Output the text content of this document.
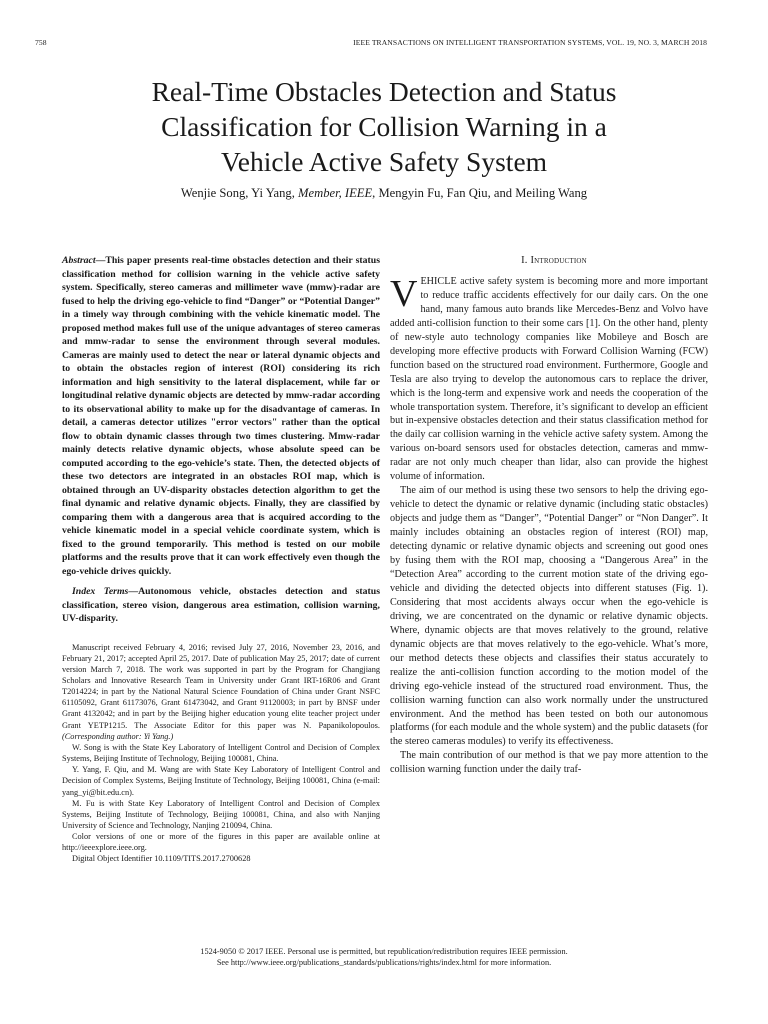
758	IEEE TRANSACTIONS ON INTELLIGENT TRANSPORTATION SYSTEMS, VOL. 19, NO. 3, MARCH 2018
Real-Time Obstacles Detection and Status
Classification for Collision Warning in a
Vehicle Active Safety System
Wenjie Song, Yi Yang, Member, IEEE, Mengyin Fu, Fan Qiu, and Meiling Wang

Abstract—This paper presents real-time obstacles detection and their status classification method for collision warning in the vehicle active safety system. Specifically, stereo cameras and millimeter wave (mmw)-radar are fused to help the driving ego-vehicle to find “Danger” or “Potential Danger” in a timely way through combining with the vehicle kinematic model. The proposed method makes full use of the unique advantages of stereo cameras and mmw-radar to sense the environment through several modules. Cameras are mainly used to detect the near or lateral dynamic objects and to obtain the obstacles region of interest (ROI) considering its rich information and high sensitivity to the lateral displacement, while far or longitudinal relative dynamic objects are detected by mmw-radar according to its observational ability to make up for the disadvantage of cameras. In detail, a cameras detector utilizes "error vectors" rather than the optical flow to obtain dynamic classes through two times clustering. Mmw-radar mainly detects relative dynamic objects, whose absolute speed can be computed according to the ego-vehicle’s state. Then, the detected objects of these two detectors are integrated in an obstacles ROI map, which is obtained through an UV-disparity obstacles detection algorithm to get the final dynamic and relative dynamic objects. Finally, they are classified by comparing them with a dangerous area that is acquired according to the vehicle kinematic model in a special vehicle coordinate system, which is fixed to the ground temporarily. This method is tested on our mobile platforms and the results prove that it can work effectively even though the ego-vehicle drives quickly.

Index Terms—Autonomous vehicle, obstacles detection and status classification, stereo vision, dangerous area estimation, collision warning, UV-disparity.

Manuscript received February 4, 2016; revised July 27, 2016, November 23, 2016, and February 21, 2017; accepted April 25, 2017. Date of publication May 25, 2017; date of current version March 7, 2018. The work was supported in part by the Program for Changjiang Scholars and Innovative Research Team in University under Grant IRT-16R06 and Grant T2014224; in part by the National Natural Science Foundation of China under Grant NSFC 61105092, Grant 61173076, Grant 61473042, and Grant 91120003; in part by BNSF under Grant 4132042; and in part by the Beijing higher education young elite teacher project under Grant YETP1215. The Associate Editor for this paper was N. Papanikolopoulos. (Corresponding author: Yi Yang.)

W. Song is with the State Key Laboratory of Intelligent Control and Decision of Complex Systems, Beijing Institute of Technology, Beijing 100081, China.

Y. Yang, F. Qiu, and M. Wang are with State Key Laboratory of Intelligent Control and Decision of Complex Systems, Beijing Institute of Technology, Beijing 100081, China (e-mail: yang_yi@bit.edu.cn).

M. Fu is with State Key Laboratory of Intelligent Control and Decision of Complex Systems, Beijing Institute of Technology, Beijing 100081, China, and also with Nanjing University of Science and Technology, Nanjing 210094, China.

Color versions of one or more of the figures in this paper are available online at http://ieeexplore.ieee.org.

Digital Object Identifier 10.1109/TITS.2017.2700628

I. Introduction

VEHICLE active safety system is becoming more and more important to reduce traffic accidents effectively for our daily cars. On the one hand, many famous auto brands like Mercedes-Benz and Volvo have added anti-collision function to their some cars [1]. On the other hand, plenty of new-style auto technology companies like Mobileye and Bosch are developing more effective products with Forward Collision Warning (FCW) function based on the structured road environment. Furthermore, Google and Tesla are also trying to develop the autonomous cars to replace the driver, which is the long-term and expensive work and needs the cooperation of the whole transportation system. Therefore, it’s significant to develop an efficient but in-expensive obstacles detection and their status classification method for the daily car collision warning in the vehicle active safety system. Among the various on-board sensors used for obstacles detection, cameras and mmw-radar are not only much cheaper than lidar, also can provide the highest volume of information.

The aim of our method is using these two sensors to help the driving ego-vehicle to detect the dynamic or relative dynamic (including static obstacles) objects and judge them as “Danger”, “Potential Danger” or “Non Danger”. It mainly includes obtaining an obstacles region of interest (ROI) map, detecting dynamic or relative dynamic objects and screening out good ones by fusing them with the ROI map, choosing a “Dangerous Area” in the “Detection Area” according to the current motion state of the driving ego-vehicle and dividing the detected objects into different statuses (Fig. 1). Considering that most accidents always occur when the ego-vehicle is driving, we are concentrated on the dynamic or relative dynamic objects. Where, dynamic objects are that moves relatively to the ground, relative dynamic objects are that moves relatively to the ego-vehicle. What’s more, our method detects these objects and classifies their status accurately to realize the anti-collision function according to the motion model of the driving ego-vehicle instead of the structured road environment. Thus, the collision warning function can also work normally under the unstructured environment. And the method has been tested on both our autonomous platforms (for each module and the whole system) and the public datasets (for the stereo cameras modules) to verify its effectiveness.

The main contribution of our method is that we pay more attention to the collision warning function under the daily traf-

1524-9050 © 2017 IEEE. Personal use is permitted, but republication/redistribution requires IEEE permission.
See http://www.ieee.org/publications_standards/publications/rights/index.html for more information.
